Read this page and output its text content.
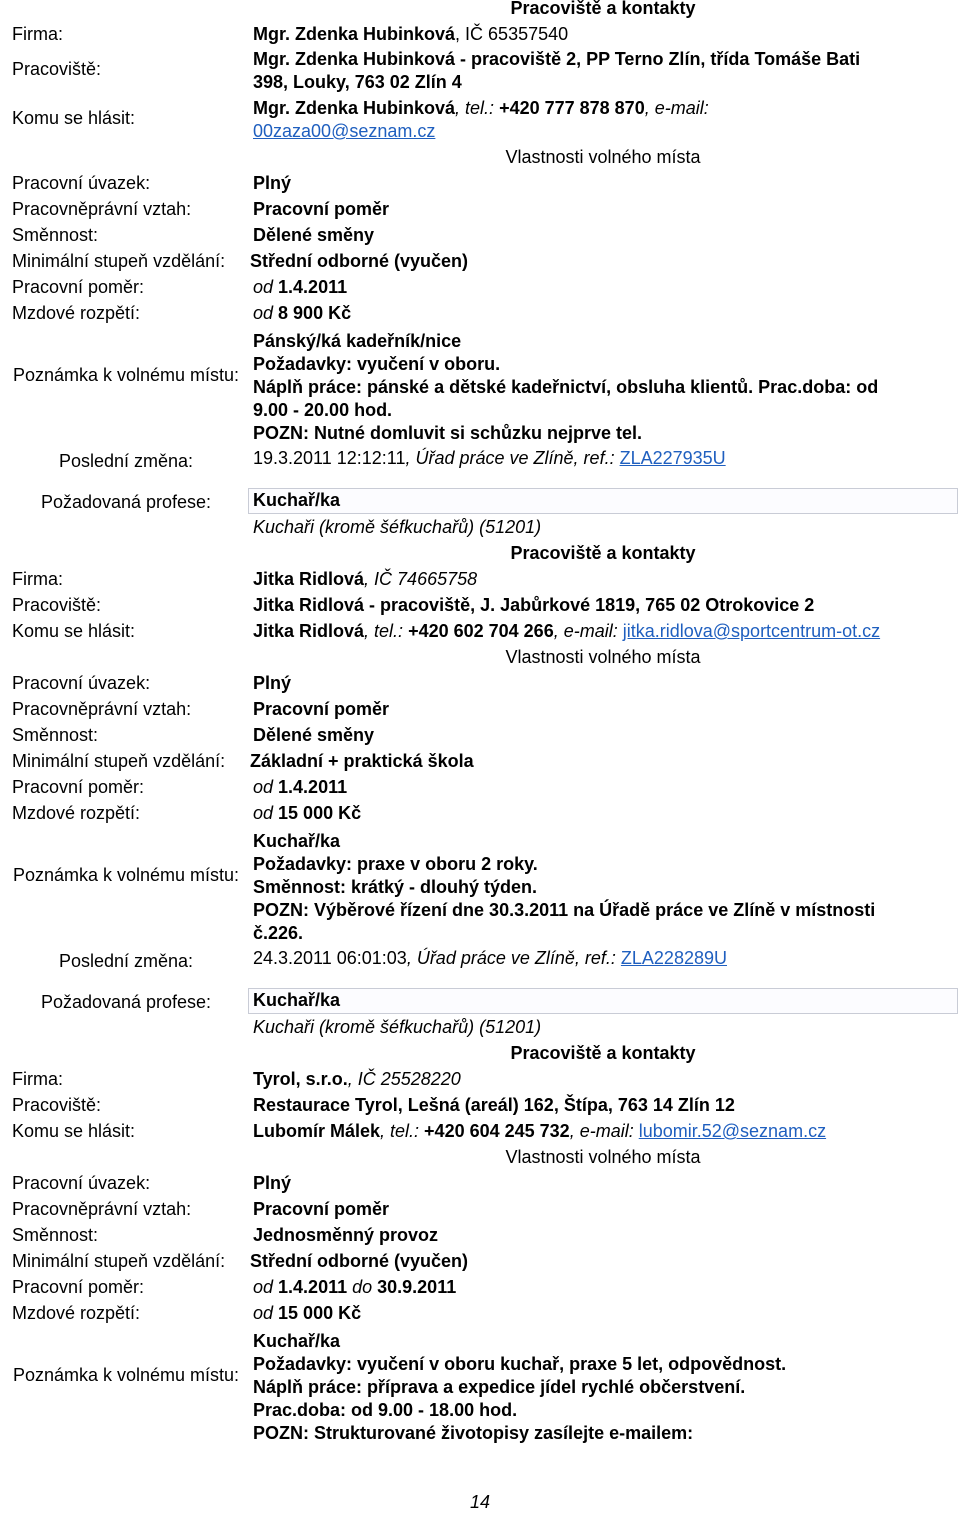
Pracoviště a kontakty
Firma:	Mgr. Zdenka Hubinková, IČ 65357540
Pracoviště:	Mgr. Zdenka Hubinková - pracoviště 2, PP Terno Zlín, třída Tomáše Bati
398, Louky, 763 02 Zlín 4
Komu se hlásit:	Mgr. Zdenka Hubinková, tel.: +420 777 878 870, e-mail:
00zaza00@seznam.cz
Vlastnosti volného místa
Pracovní úvazek:	Plný
Pracovněprávní vztah:	Pracovní poměr
Směnnost:	Dělené směny
Minimální stupeň vzdělání: Střední odborné (vyučen)
Pracovní poměr:	od 1.4.2011
Mzdové rozpětí:	od 8 900 Kč
Poznámka k volnému místu:
Pánský/ká kadeřník/nice
Požadavky: vyučení v oboru.
Náplň práce: pánské a dětské kadeřnictví, obsluha klientů. Prac.doba: od
9.00 - 20.00 hod.
POZN: Nutné domluvit si schůzku nejprve tel.
Poslední změna:	19.3.2011 12:12:11, Úřad práce ve Zlíně, ref.: ZLA227935U
Požadovaná profese:	Kuchař/ka
Kuchaři (kromě šéfkuchařů) (51201)
Pracoviště a kontakty
Firma:	Jitka Ridlová, IČ 74665758
Pracoviště:	Jitka Ridlová - pracoviště, J. Jabůrkové 1819, 765 02 Otrokovice 2
Komu se hlásit:	Jitka Ridlová, tel.: +420 602 704 266, e-mail: jitka.ridlova@sportcentrum-ot.cz
Vlastnosti volného místa
Pracovní úvazek:	Plný
Pracovněprávní vztah:	Pracovní poměr
Směnnost:	Dělené směny
Minimální stupeň vzdělání: Základní + praktická škola
Pracovní poměr:	od 1.4.2011
Mzdové rozpětí:	od 15 000 Kč
Poznámka k volnému místu:
Kuchař/ka
Požadavky: praxe v oboru 2 roky.
Směnnost: krátký - dlouhý týden.
POZN: Výběrové řízení dne 30.3.2011 na Úřadě práce ve Zlíně v místnosti
č.226.
Poslední změna:	24.3.2011 06:01:03, Úřad práce ve Zlíně, ref.: ZLA228289U
Požadovaná profese:	Kuchař/ka
Kuchaři (kromě šéfkuchařů) (51201)
Pracoviště a kontakty
Firma:	Tyrol, s.r.o., IČ 25528220
Pracoviště:	Restaurace Tyrol, Lešná (areál) 162, Štípa, 763 14 Zlín 12
Komu se hlásit:	Lubomír Málek, tel.: +420 604 245 732, e-mail: lubomir.52@seznam.cz
Vlastnosti volného místa
Pracovní úvazek:	Plný
Pracovněprávní vztah:	Pracovní poměr
Směnnost:	Jednosměnný provoz
Minimální stupeň vzdělání: Střední odborné (vyučen)
Pracovní poměr:	od 1.4.2011 do 30.9.2011
Mzdové rozpětí:	od 15 000 Kč
Poznámka k volnému místu:
Kuchař/ka
Požadavky: vyučení v oboru kuchař, praxe 5 let, odpovědnost.
Náplň práce: příprava a expedice jídel rychlé občerstvení.
Prac.doba: od 9.00 - 18.00 hod.
POZN: Strukturované životopisy zasílejte e-mailem:
14
